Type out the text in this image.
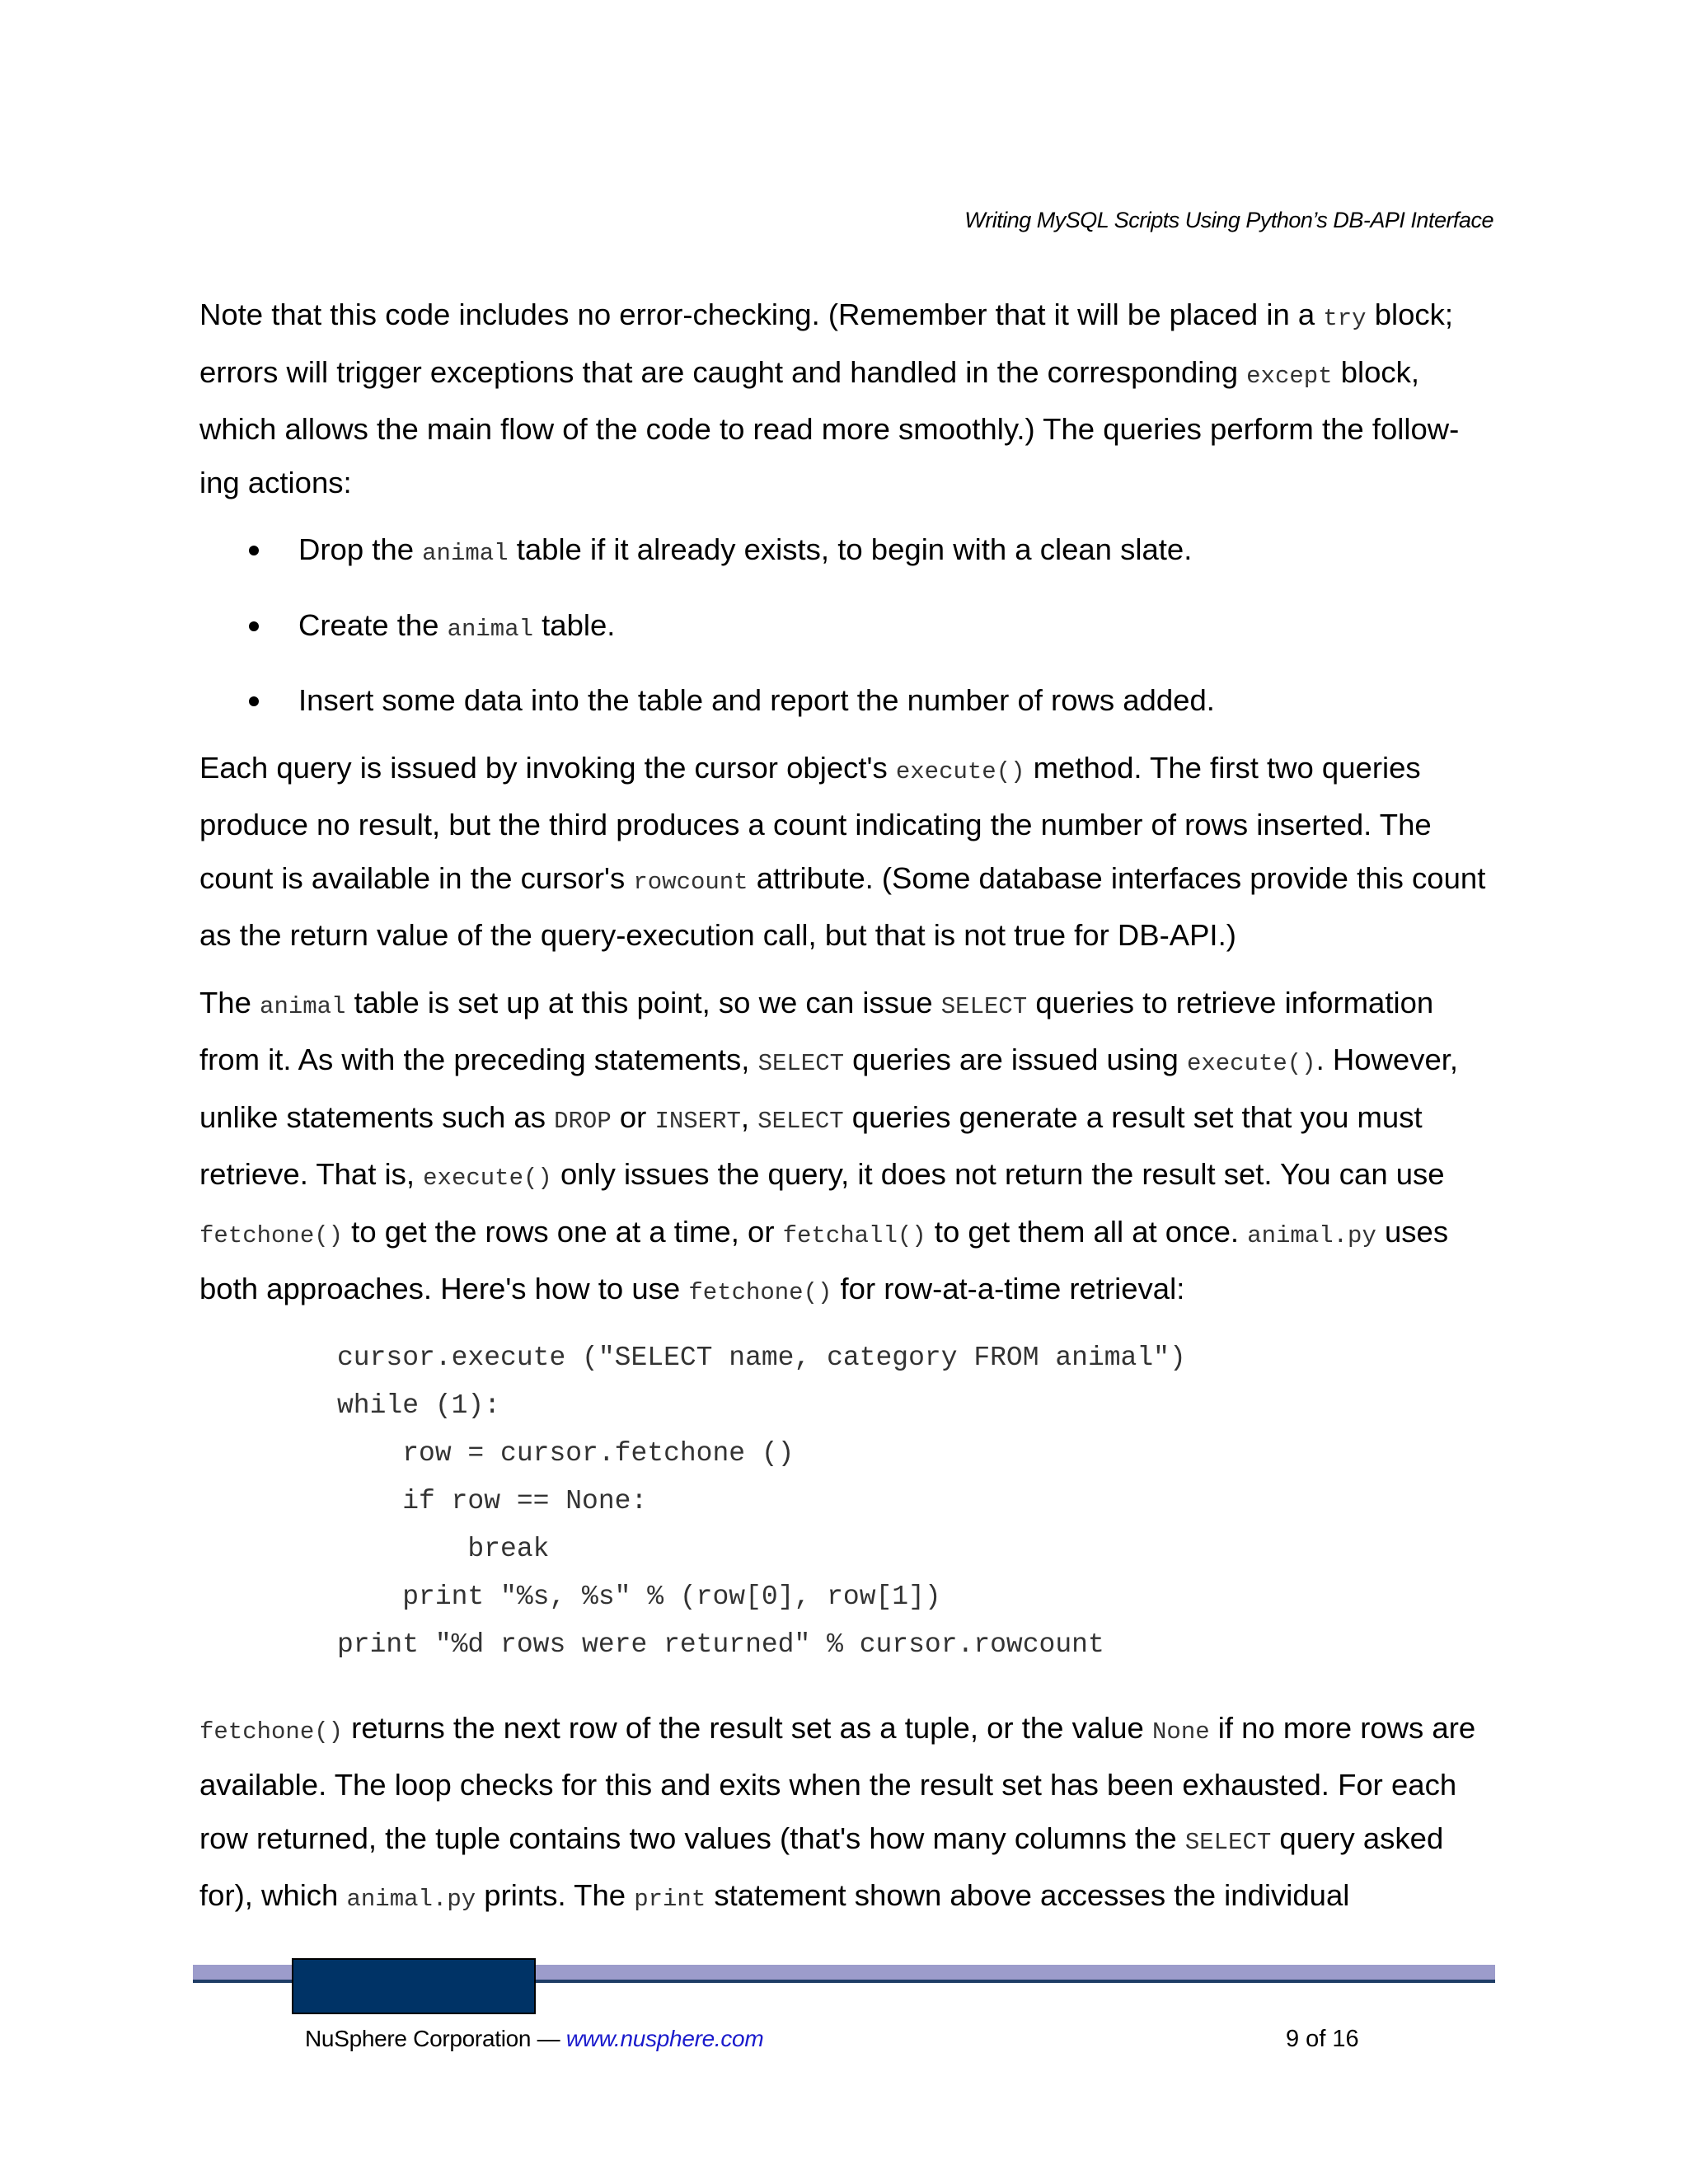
Writing MySQL Scripts Using Python’s DB-API Interface

Note that this code includes no error-checking. (Remember that it will be placed in a try block; errors will trigger exceptions that are caught and handled in the corresponding except block, which allows the main flow of the code to read more smoothly.) The queries perform the follow-ing actions:

Drop the animal table if it already exists, to begin with a clean slate.
Create the animal table.
Insert some data into the table and report the number of rows added.

Each query is issued by invoking the cursor object's execute() method. The first two queries produce no result, but the third produces a count indicating the number of rows inserted. The count is available in the cursor's rowcount attribute. (Some database interfaces provide this count as the return value of the query-execution call, but that is not true for DB-API.)

The animal table is set up at this point, so we can issue SELECT queries to retrieve information from it. As with the preceding statements, SELECT queries are issued using execute(). However, unlike statements such as DROP or INSERT, SELECT queries generate a result set that you must retrieve. That is, execute() only issues the query, it does not return the result set. You can use fetchone() to get the rows one at a time, or fetchall() to get them all at once. animal.py uses both approaches. Here's how to use fetchone() for row-at-a-time retrieval:

cursor.execute ("SELECT name, category FROM animal")
while (1):
row = cursor.fetchone ()
if row == None:
break
print "%s, %s" % (row[0], row[1])
print "%d rows were returned" % cursor.rowcount

fetchone() returns the next row of the result set as a tuple, or the value None if no more rows are available. The loop checks for this and exits when the result set has been exhausted. For each row returned, the tuple contains two values (that's how many columns the SELECT query asked for), which animal.py prints. The print statement shown above accesses the individual

NuSphere Corporation — www.nusphere.com	9 of 16
